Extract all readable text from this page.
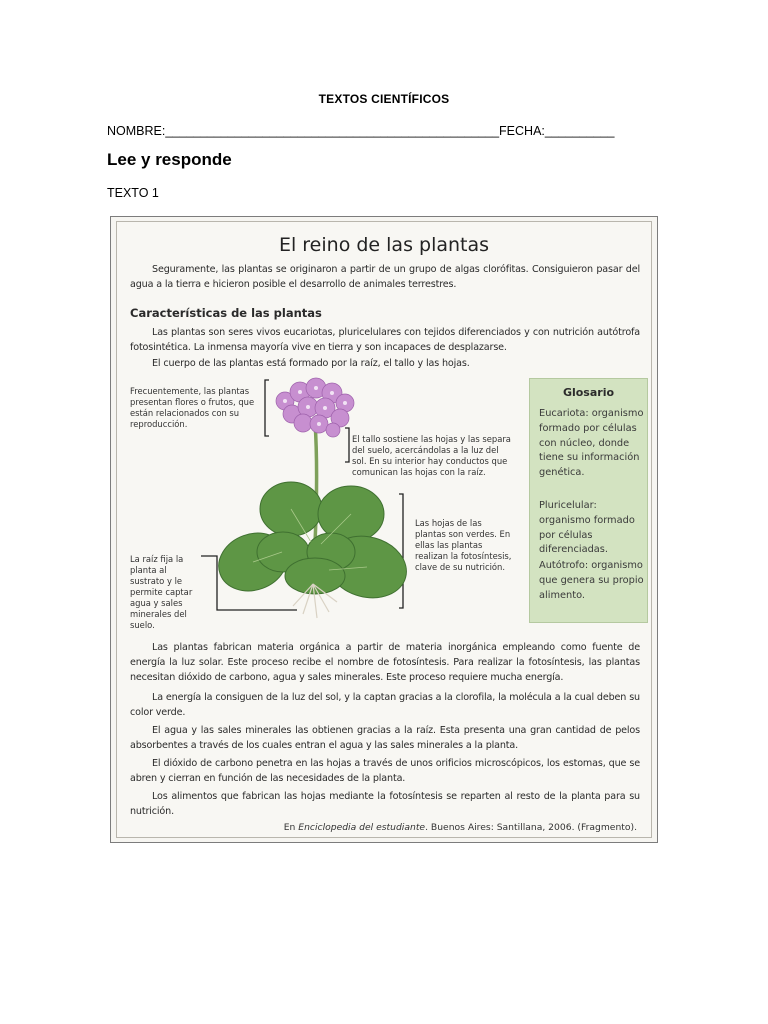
TEXTOS CIENTÍFICOS
NOMBRE:________________________________________________FECHA:__________
Lee y responde
TEXTO 1
El reino de las plantas
Seguramente, las plantas se originaron a partir de un grupo de algas clorófitas. Consiguieron pasar del agua a la tierra e hicieron posible el desarrollo de animales terrestres.
Características de las plantas
Las plantas son seres vivos eucariotas, pluricelulares con tejidos diferenciados y con nutrición autótrofa fotosintética. La inmensa mayoría vive en tierra y son incapaces de desplazarse.
El cuerpo de las plantas está formado por la raíz, el tallo y las hojas.
Frecuentemente, las plantas presentan flores o frutos, que están relacionados con su reproducción.
El tallo sostiene las hojas y las separa del suelo, acercándolas a la luz del sol. En su interior hay conductos que comunican las hojas con la raíz.
Las hojas de las plantas son verdes. En ellas las plantas realizan la fotosíntesis, clave de su nutrición.
La raíz fija la planta al sustrato y le permite captar agua y sales minerales del suelo.
Glosario
Eucariota: organismo formado por células con núcleo, donde tiene su información genética.
Pluricelular: organismo formado por células diferenciadas.
Autótrofo: organismo que genera su propio alimento.
Las plantas fabrican materia orgánica a partir de materia inorgánica empleando como fuente de energía la luz solar. Este proceso recibe el nombre de fotosíntesis. Para realizar la fotosíntesis, las plantas necesitan dióxido de carbono, agua y sales minerales. Este proceso requiere mucha energía.
La energía la consiguen de la luz del sol, y la captan gracias a la clorofila, la molécula a la cual deben su color verde.
El agua y las sales minerales las obtienen gracias a la raíz. Esta presenta una gran cantidad de pelos absorbentes a través de los cuales entran el agua y las sales minerales a la planta.
El dióxido de carbono penetra en las hojas a través de unos orificios microscópicos, los estomas, que se abren y cierran en función de las necesidades de la planta.
Los alimentos que fabrican las hojas mediante la fotosíntesis se reparten al resto de la planta para su nutrición.
En Enciclopedia del estudiante. Buenos Aires: Santillana, 2006. (Fragmento).
